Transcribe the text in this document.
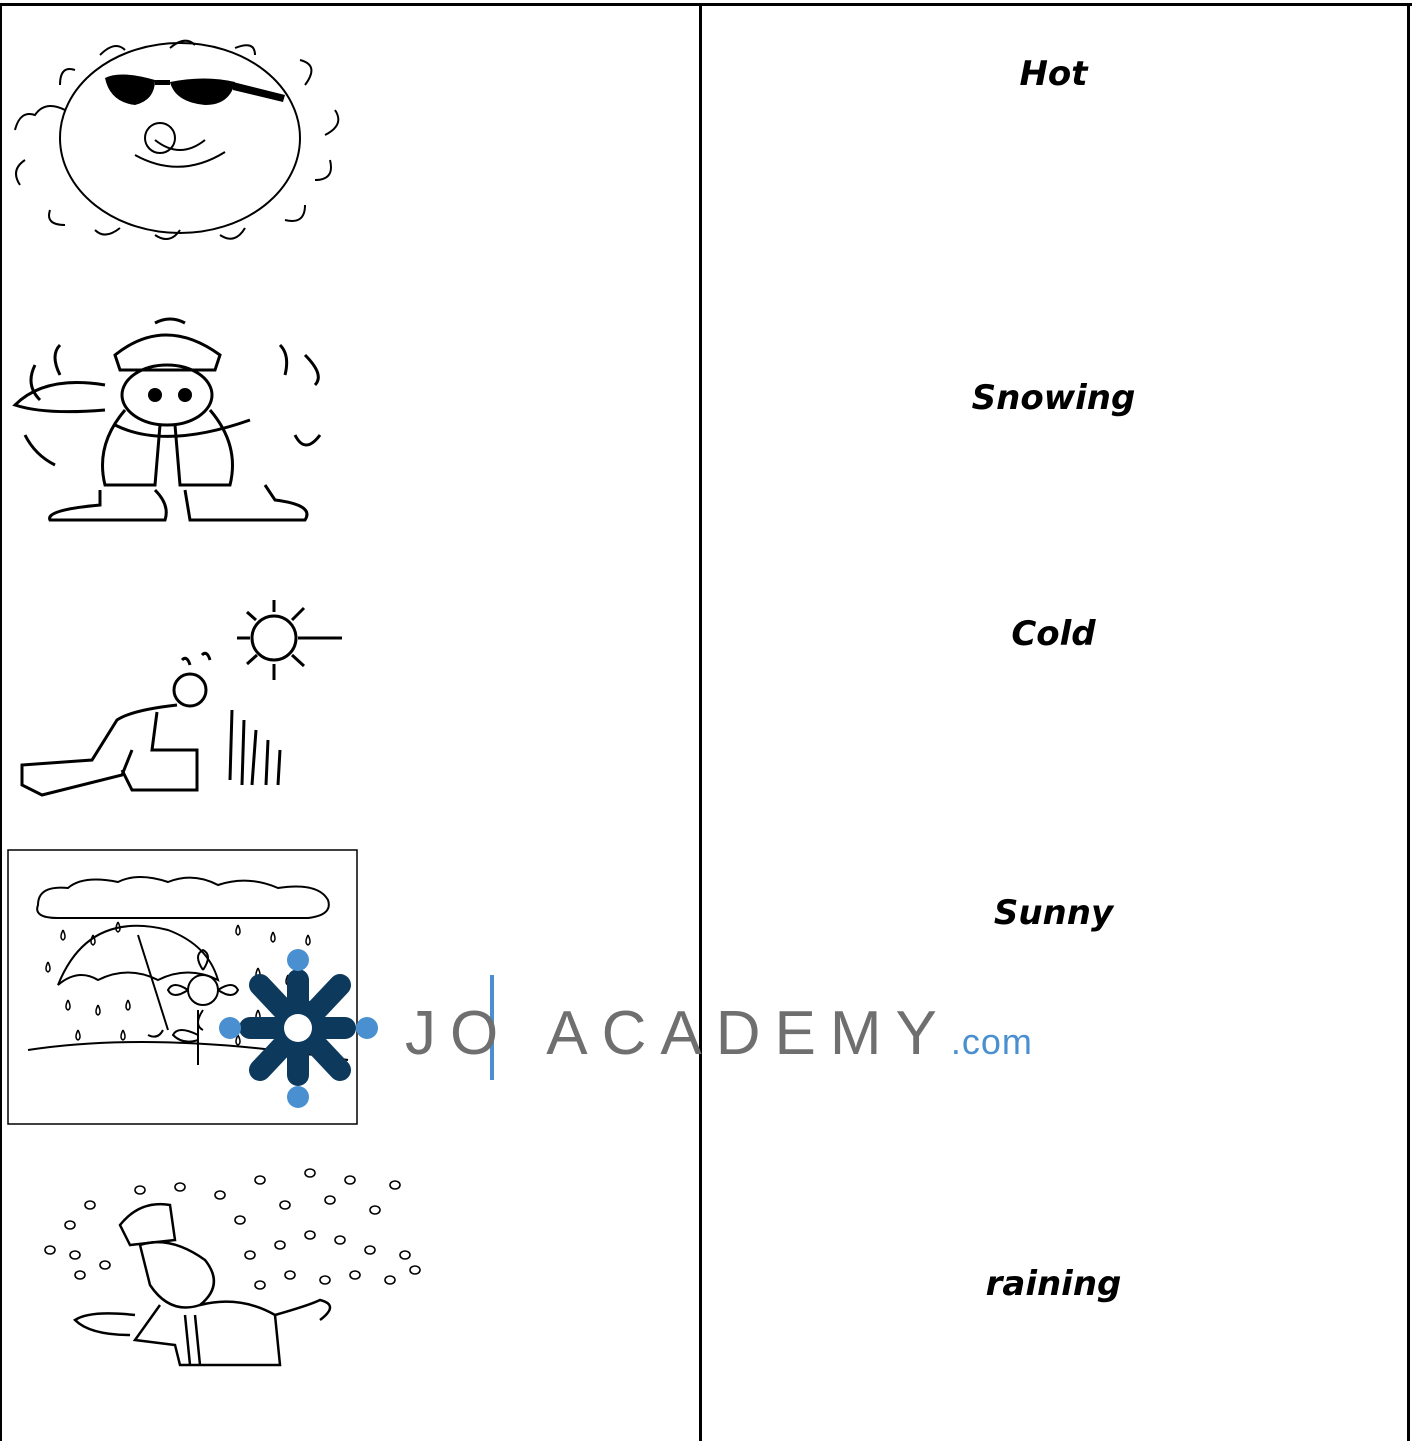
Hot
Snowing
Cold
Sunny
raining
JO ACADEMY.com
